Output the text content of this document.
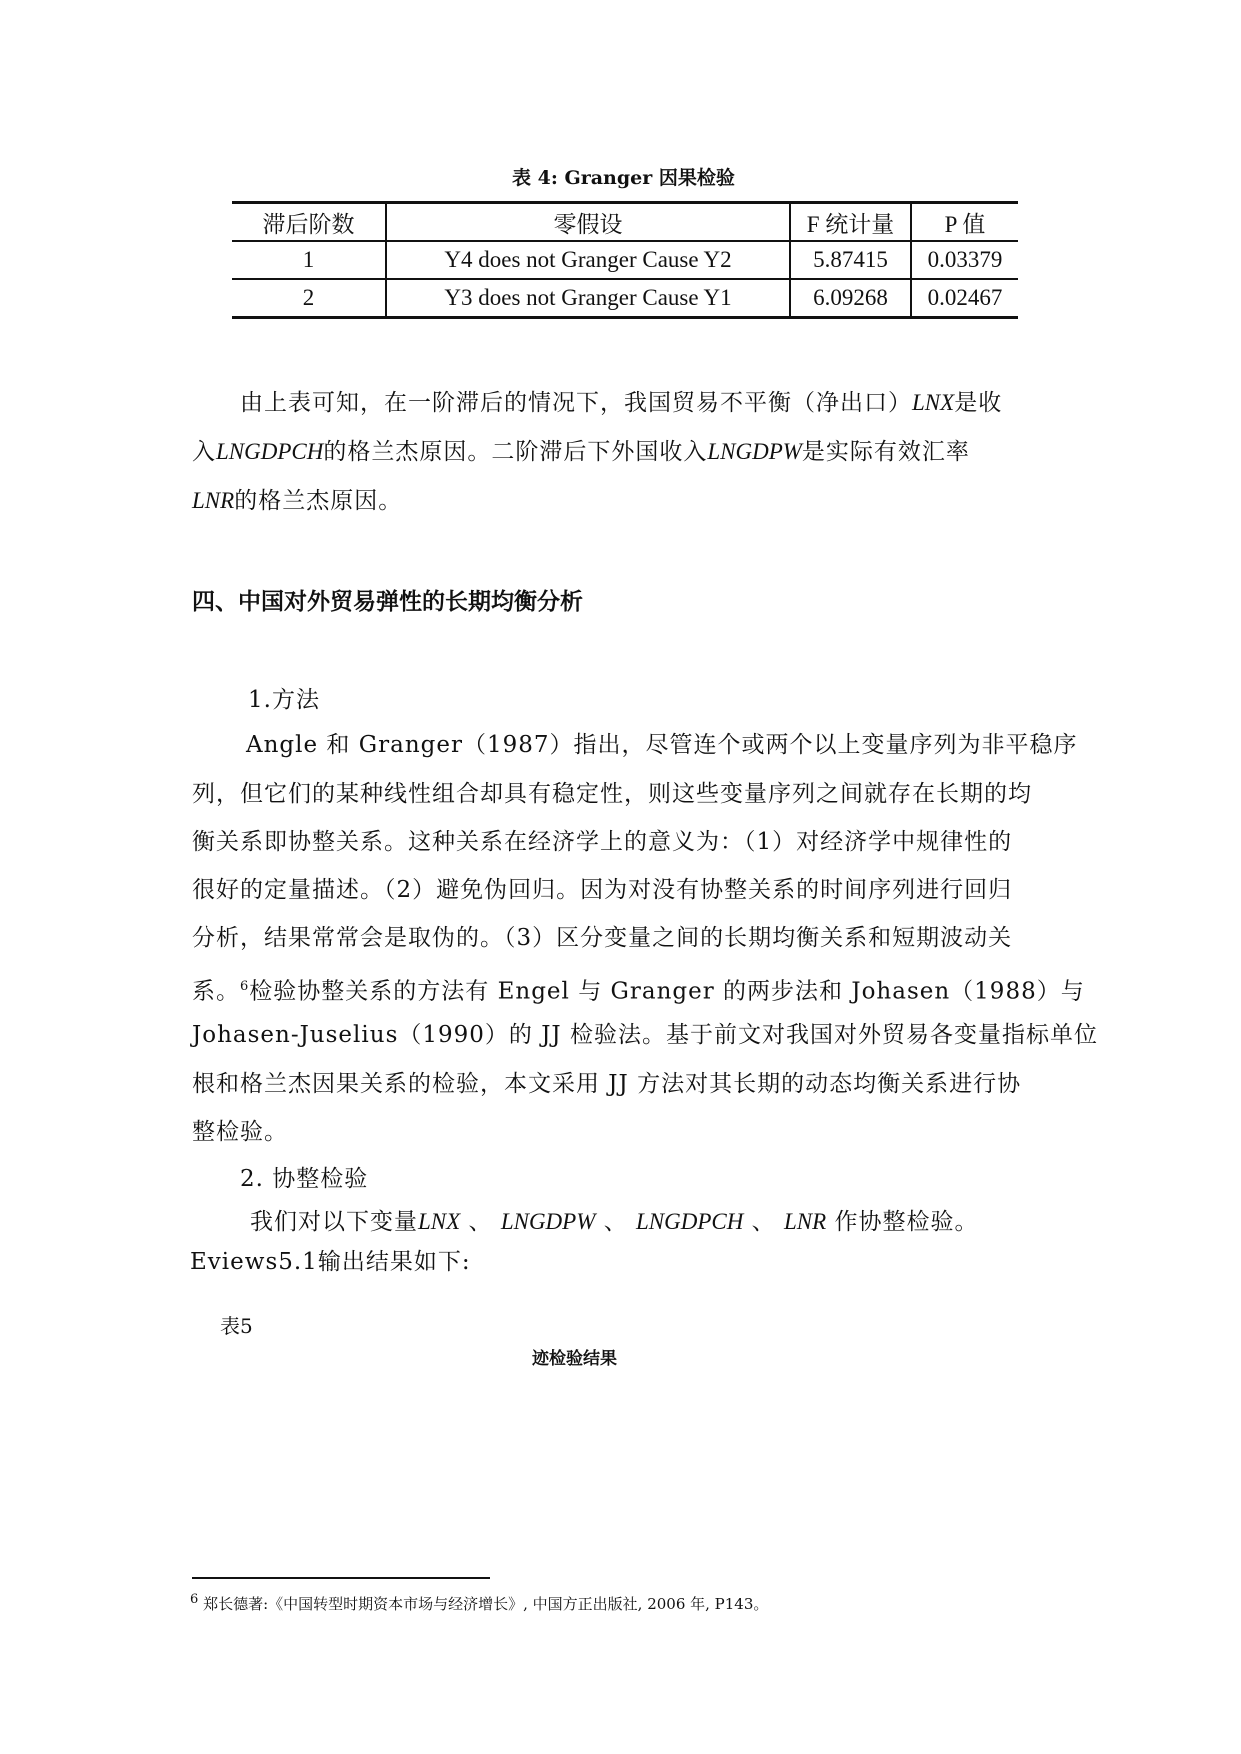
表 4: Granger 因果检验
滞后阶数	零假设	F 统计量	P 值
1	Y4 does not Granger Cause Y2	5.87415	0.03379
2	Y3 does not Granger Cause Y1	6.09268	0.02467
由上表可知，在一阶滞后的情况下，我国贸易不平衡（净出口）LNX是收
入LNGDPCH的格兰杰原因。二阶滞后下外国收入LNGDPW是实际有效汇率
LNR的格兰杰原因。
四、中国对外贸易弹性的长期均衡分析
1.方法
Angle 和 Granger（1987）指出，尽管连个或两个以上变量序列为非平稳序
列，但它们的某种线性组合却具有稳定性，则这些变量序列之间就存在长期的均
衡关系即协整关系。这种关系在经济学上的意义为：（1）对经济学中规律性的
很好的定量描述。（2）避免伪回归。因为对没有协整关系的时间序列进行回归
分析，结果常常会是取伪的。（3）区分变量之间的长期均衡关系和短期波动关
系。$^6$检验协整关系的方法有 Engel 与 Granger 的两步法和 Johasen（1988）与
Johasen-Juselius（1990）的 JJ 检验法。基于前文对我国对外贸易各变量指标单位
根和格兰杰因果关系的检验，本文采用 JJ 方法对其长期的动态均衡关系进行协
整检验。
2. 协整检验
我们对以下变量LNX 、 LNGDPW 、 LNGDPCH 、 LNR 作协整检验。
Eviews5.1输出结果如下:
表5
迹检验结果
$^6$ 郑长德著:《中国转型时期资本市场与经济增长》, 中国方正出版社, 2006 年, P143。
